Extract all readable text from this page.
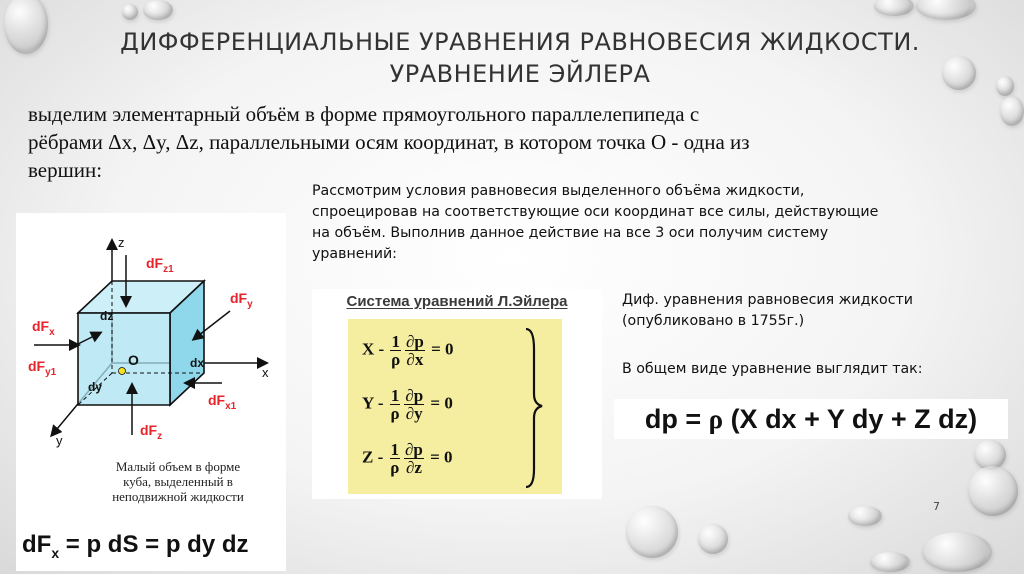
ДИФФЕРЕНЦИАЛЬНЫЕ УРАВНЕНИЯ РАВНОВЕСИЯ ЖИДКОСТИ.
УРАВНЕНИЕ ЭЙЛЕРА
выделим элементарный объём в форме прямоугольного параллелепипеда с
рёбрами Δx, Δy, Δz, параллельными осям координат, в котором точка О - одна из
вершин:
Рассмотрим условия равновесия выделенного объёма жидкости,
спроецировав на соответствующие оси координат все силы, действующие
на объём. Выполнив данное действие на все 3 оси получим систему
уравнений:
z
x
y
O
dz
dx
dy
$dF_{z1}$
$dF_y$
$dF_x$
$dF_{y1}$
$dF_{x1}$
$dF_z$
Малый объем в форме
куба, выделенный в
неподвижной жидкости
$dF_x = p$ dS = p dy dz
Система уравнений Л.Эйлера
$X - \frac{1}{\rho} \frac{\partial p}{\partial x} = 0$
$Y - \frac{1}{\rho} \frac{\partial p}{\partial y} = 0$
$Z - \frac{1}{\rho} \frac{\partial p}{\partial z} = 0$
Диф. уравнения равновесия жидкости
(опубликовано в 1755г.)
В общем виде уравнение выглядит так:
dp = ρ (X dx + Y dy + Z dz)
7
